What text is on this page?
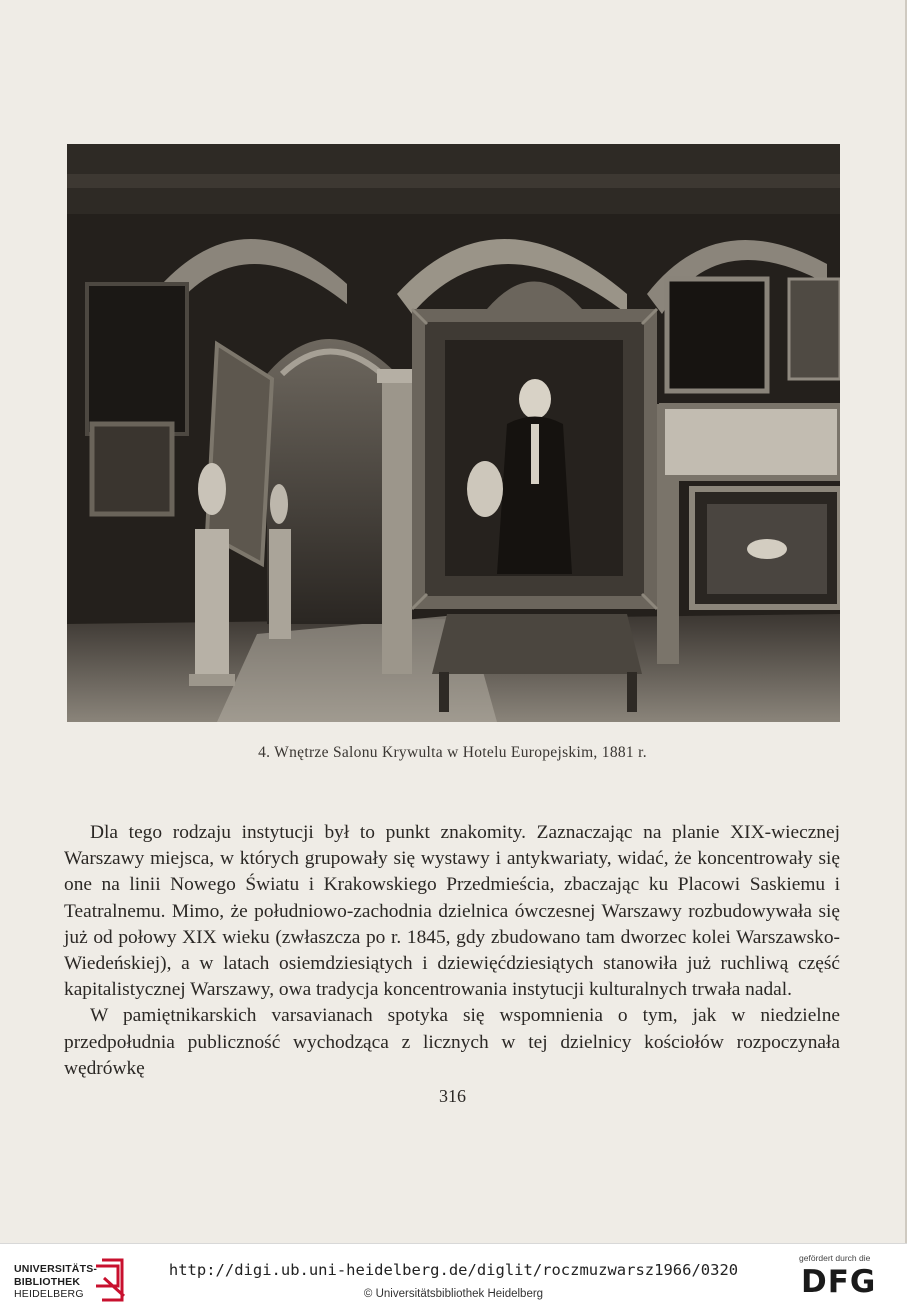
4. Wnętrze Salonu Krywulta w Hotelu Europejskim, 1881 r.

Dla tego rodzaju instytucji był to punkt znakomity. Zaznaczając na planie XIX-wiecznej Warszawy miejsca, w których grupowały się wystawy i antykwariaty, widać, że koncentrowały się one na linii Nowego Światu i Krakowskiego Przedmieścia, zbaczając ku Placowi Saskiemu i Teatralnemu. Mimo, że południowo-zachodnia dzielnica ówczesnej Warszawy rozbudowywała się już od połowy XIX wieku (zwłaszcza po r. 1845, gdy zbudowano tam dworzec kolei Warszawsko-Wiedeńskiej), a w latach osiemdziesiątych i dziewięćdziesiątych stanowiła już ruchliwą część kapitalistycznej Warszawy, owa tradycja koncentrowania instytucji kulturalnych trwała nadal.

W pamiętnikarskich varsavianach spotyka się wspomnienia o tym, jak w niedzielne przedpołudnia publiczność wychodząca z licznych w tej dzielnicy kościołów rozpoczynała wędrówkę

316
UNIVERSITÄTS-
BIBLIOTHEK
HEIDELBERG
http://digi.ub.uni-heidelberg.de/diglit/roczmuzwarsz1966/0320
© Universitätsbibliothek Heidelberg
gefördert durch die
DFG
